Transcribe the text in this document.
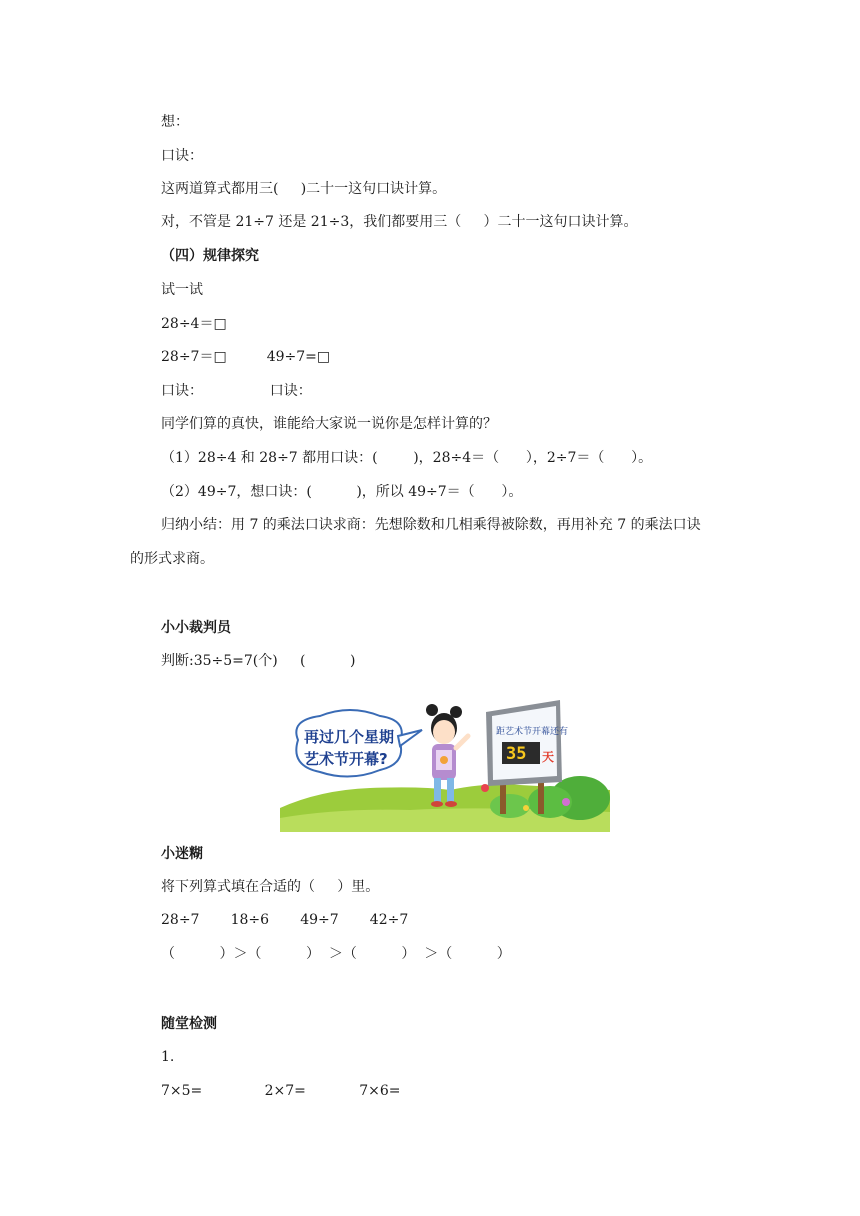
想：
口诀：
这两道算式都用三(     )二十一这句口诀计算。
对，不管是 21÷7 还是 21÷3，我们都要用三（     ）二十一这句口诀计算。
（四）规律探究
试一试
28÷4＝□
28÷7＝□         49÷7=□
口诀：               口诀：
同学们算的真快，谁能给大家说一说你是怎样计算的？
（1）28÷4 和 28÷7 都用口诀：(        )，28÷4＝（      ），2÷7＝（      ）。
（2）49÷7，想口诀：(          )，所以 49÷7＝（      ）。
归纳小结：用 7 的乘法口诀求商：先想除数和几相乘得被除数，再用补充 7 的乘法口诀
的形式求商。
小小裁判员
判断:35÷5=7(个)     (          )
距艺术节开幕还有
35 天
再过几个星期
艺术节开幕?
小迷糊
将下列算式填在合适的（     ）里。
28÷7       18÷6       49÷7       42÷7
（          ）＞（          ）  ＞（          ）  ＞（          ）
随堂检测
1.
7×5=              2×7=            7×6=
